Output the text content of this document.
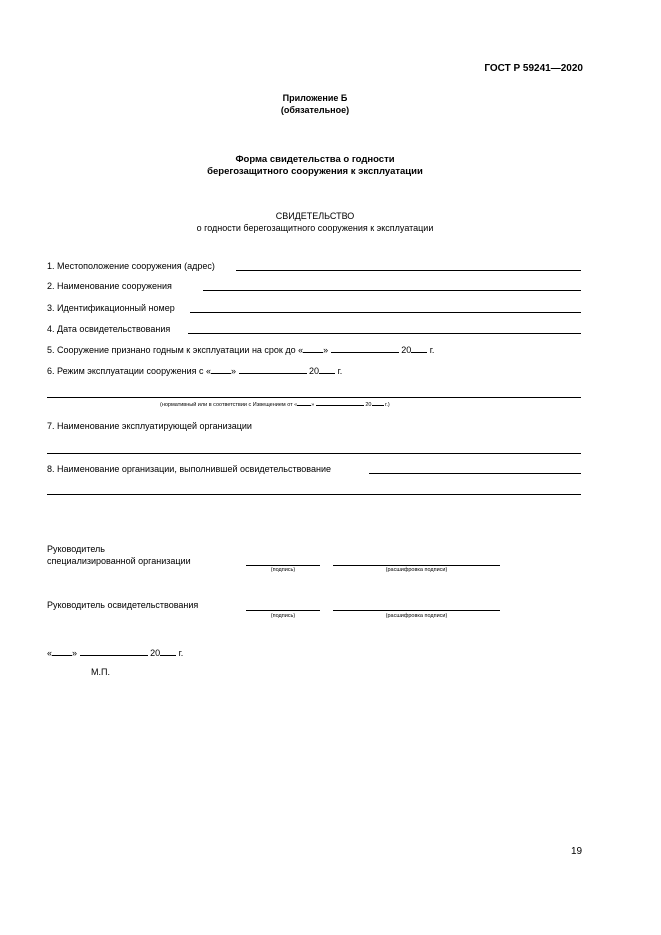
ГОСТ Р 59241—2020
Приложение Б
(обязательное)
Форма свидетельства о годности
берегозащитного сооружения к эксплуатации
СВИДЕТЕЛЬСТВО
о годности берегозащитного сооружения к эксплуатации
1. Местоположение сооружения (адрес)
2. Наименование сооружения
3. Идентификационный номер
4. Дата освидетельствования
5. Сооружение признано годным к эксплуатации на срок до « »	20 г.
6. Режим эксплуатации сооружения с « »	20 г.
(нормативный или в соответствии с Извещением от «	»	20 г.)
7. Наименование эксплуатирующей организации
8. Наименование организации, выполнившей освидетельствование
Руководитель
специализированной организации
(подпись)	(расшифровка подписи)
Руководитель освидетельствования
(подпись)	(расшифровка подписи)
« »	20 г.
М.П.
19
